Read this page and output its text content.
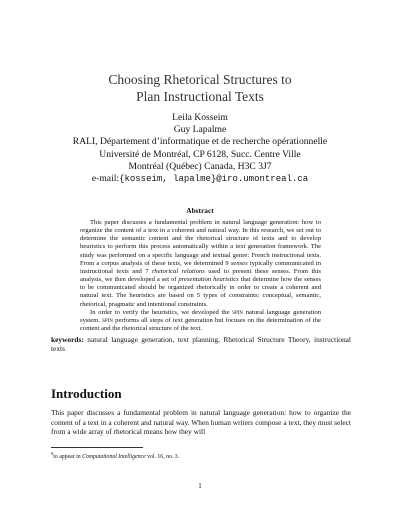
Choosing Rhetorical Structures to
Plan Instructional Texts
Leila Kosseim
Guy Lapalme
RALI, Département d’informatique et de recherche opérationnelle
Université de Montréal, CP 6128, Succ. Centre Ville
Montréal (Québec) Canada, H3C 3J7
e-mail:{kosseim, lapalme}@iro.umontreal.ca
Abstract

This paper discusses a fundamental problem in natural language generation: how to organize the content of a text in a coherent and natural way. In this research, we set out to determine the semantic content and the rhetorical structure of texts and to develop heuristics to perform this process automatically within a text generation framework. The study was performed on a specific language and textual genre: French instructional texts. From a corpus analysis of these texts, we determined 9 senses typically communicated in instructional texts and 7 rhetorical relations used to present these senses. From this analysis, we then developed a set of presentation heuristics that determine how the senses to be communicated should be organized rhetorically in order to create a coherent and natural text. The heuristics are based on 5 types of constraints: conceptual, semantic, rhetorical, pragmatic and intentional constraints.

In order to verify the heuristics, we developed the spin natural language generation system. spin performs all steps of text generation but focuses on the determination of the content and the rhetorical structure of the text.

keywords: natural language generation, text planning, Rhetorical Structure Theory, instructional texts
Introduction
This paper discusses a fundamental problem in natural language generation: how to organize the content of a text in a coherent and natural way. When human writers compose a text, they must select from a wide array of rhetorical means how they will
$^0$to appear in Computational Intelligence vol. 16, no. 3.
1
